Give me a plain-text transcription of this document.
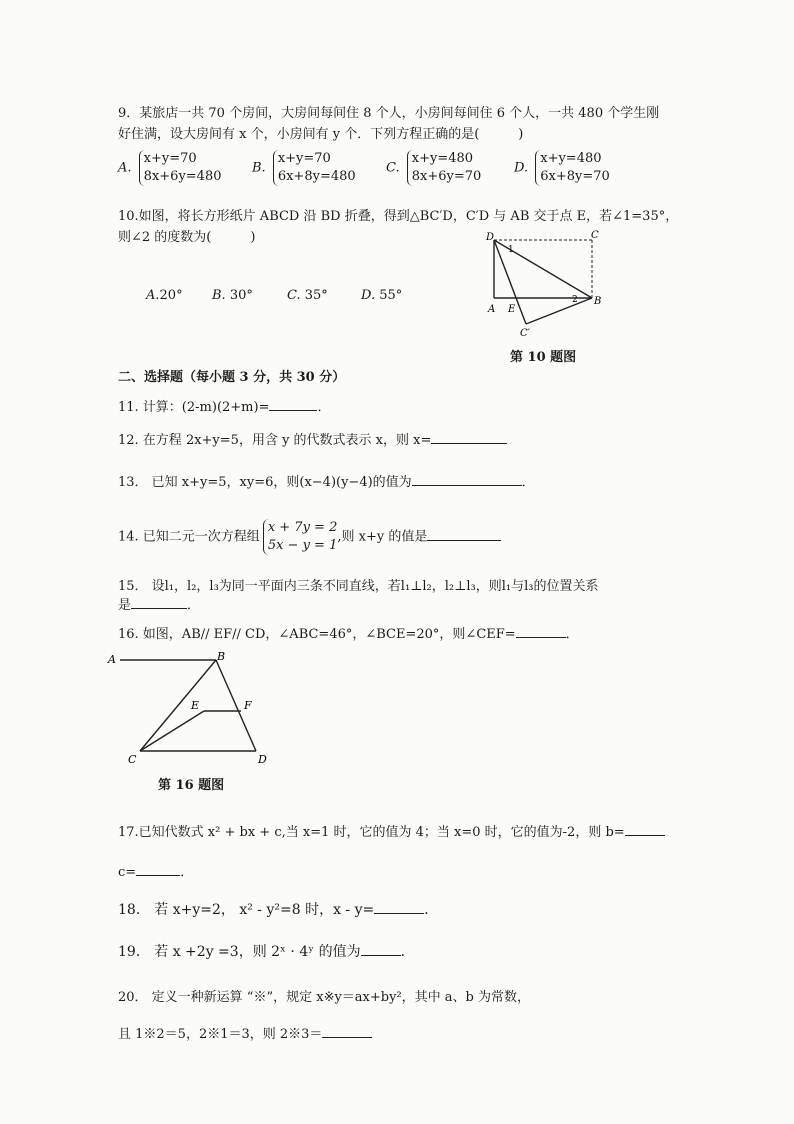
9．某旅店一共 70 个房间，大房间每间住 8 个人，小房间每间住 6 个人，一共 480 个学生刚
好住满，设大房间有 x 个，小房间有 y 个．下列方程正确的是(　　　)
A. x+y=70
8x+6y=480
B. x+y=70
6x+8y=480
C. x+y=480
8x+6y=70
D. x+y=480
6x+8y=70
10.如图，将长方形纸片 ABCD 沿 BD 折叠，得到△BC′D，C′D 与 AB 交于点 E，若∠1=35°，
则∠2 的度数为(　　　)
A.20° B. 30°	C. 35°	D. 55°
D	C
A E
B
C′
1
2
第 10 题图
二、选择题（每小题 3 分，共 30 分）
11. 计算：(2-m)(2+m)=	．
12. 在方程 2x+y=5，用含 y 的代数式表示 x，则 x=
13． 已知 x+y=5，xy=6，则(x−4)(y−4)的值为	．
14. 已知二元一次方程组x + 7y = 2
5x − y = 1,则 x+y 的值是
15． 设l₁，l₂，l₃为同一平面内三条不同直线，若l₁⊥l₂，l₂⊥l₃，则l₁与l₃的位置关系
是	．
16. 如图，AB// EF// CD，∠ABC=46°，∠BCE=20°，则∠CEF=	．
A	B
E	F
C	D
第 16 题图
17.已知代数式 x² + bx + c,当 x=1 时，它的值为 4；当 x=0 时，它的值为-2，则 b=
c=	．
18． 若 x+y=2， x² - y²=8 时，x - y=	．
19． 若 x +2y =3，则 2ˣ · 4ʸ 的值为	．
20． 定义一种新运算 “※”，规定 x※y＝ax+by²，其中 a、b 为常数，
且 1※2＝5，2※1＝3，则 2※3＝
